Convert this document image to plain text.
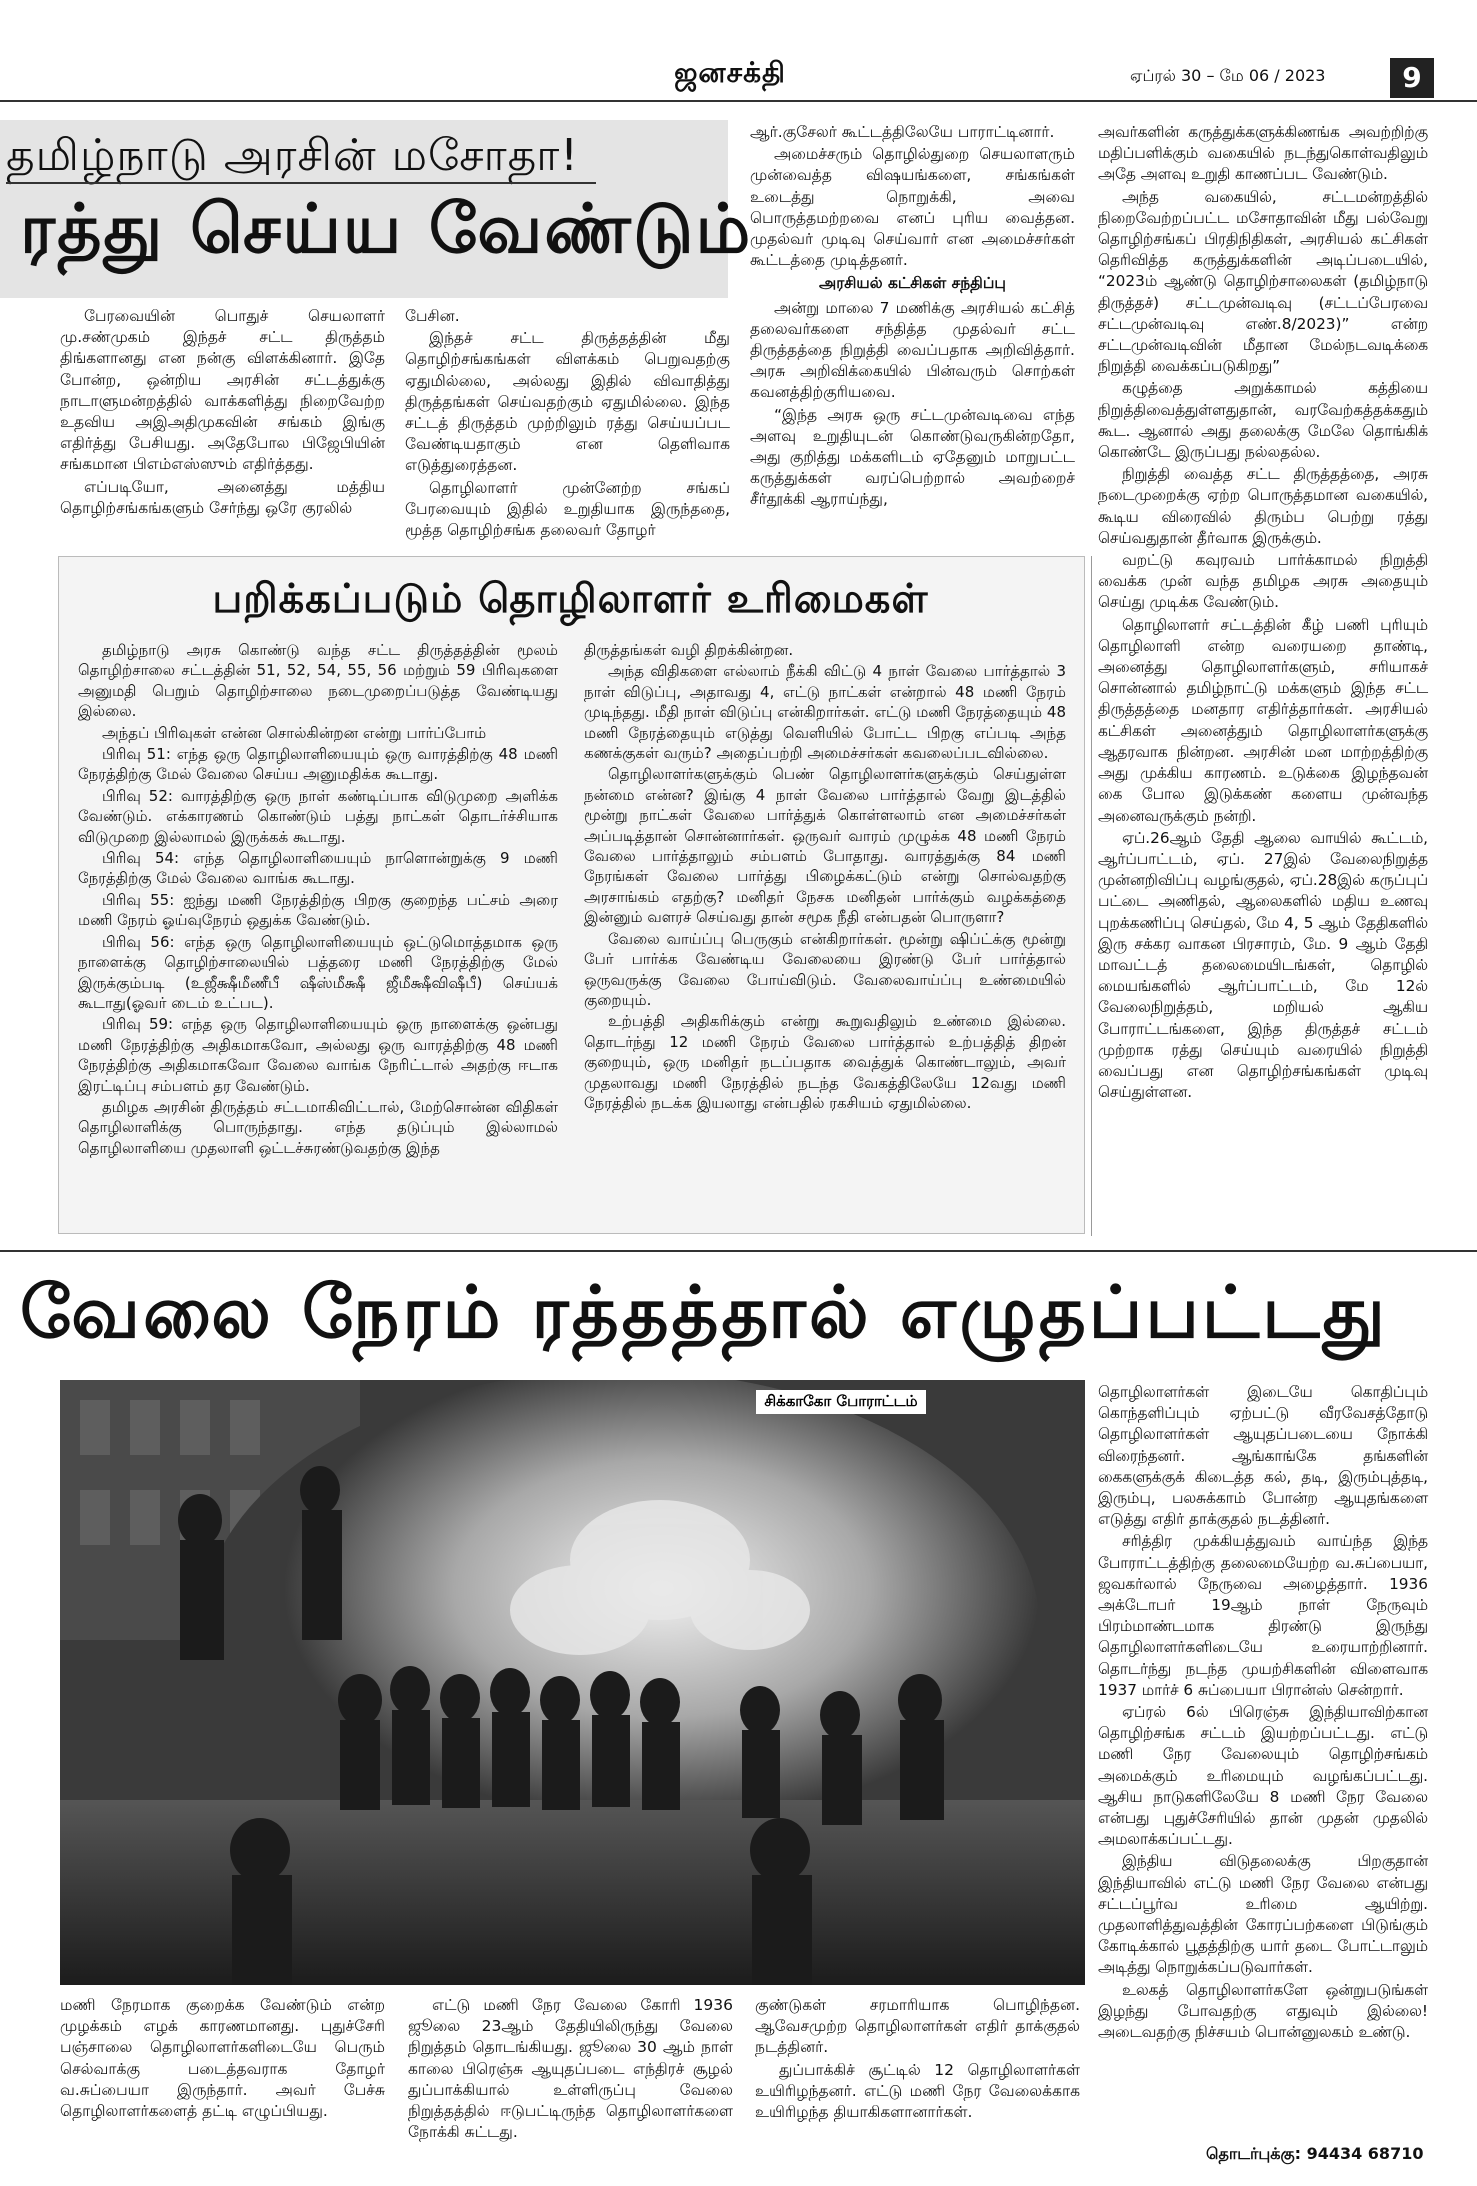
ஜனசக்தி	ஏப்ரல் 30 – மே 06 / 2023	9
தமிழ்நாடு அரசின் மசோதா!
ரத்து செய்ய வேண்டும்

பேரவையின் பொதுச் செயலாளர் மு.சண்முகம் இந்தச் சட்ட திருத்தம் திங்களானது என நன்கு விளக்கினார். இதே போன்ற, ஒன்றிய அரசின் சட்டத்துக்கு நாடாளுமன்றத்தில் வாக்களித்து நிறைவேற்ற உதவிய அஇஅதிமுகவின் சங்கம் இங்கு எதிர்த்து பேசியது. அதேபோல பிஜேபியின் சங்கமான பிஎம்எஸ்ஸும் எதிர்த்தது.

எப்படியோ, அனைத்து மத்திய தொழிற்சங்கங்களும் சேர்ந்து ஒரே குரலில்

பேசின.

இந்தச் சட்ட திருத்தத்தின் மீது தொழிற்சங்கங்கள் விளக்கம் பெறுவதற்கு ஏதுமில்லை, அல்லது இதில் விவாதித்து திருத்தங்கள் செய்வதற்கும் ஏதுமில்லை. இந்த சட்டத் திருத்தம் முற்றிலும் ரத்து செய்யப்பட வேண்டியதாகும் என தெளிவாக எடுத்துரைத்தன.

தொழிலாளர் முன்னேற்ற சங்கப் பேரவையும் இதில் உறுதியாக இருந்ததை, மூத்த தொழிற்சங்க தலைவர் தோழர்

ஆர்.குசேலர் கூட்டத்திலேயே பாராட்டினார்.

அமைச்சரும் தொழில்துறை செயலாளரும் முன்வைத்த விஷயங்களை, சங்கங்கள் உடைத்து நொறுக்கி, அவை பொருத்தமற்றவை எனப் புரிய வைத்தன. முதல்வர் முடிவு செய்வார் என அமைச்சர்கள் கூட்டத்தை முடித்தனர்.

அரசியல் கட்சிகள் சந்திப்பு

அன்று மாலை 7 மணிக்கு அரசியல் கட்சித் தலைவர்களை சந்தித்த முதல்வர் சட்ட திருத்தத்தை நிறுத்தி வைப்பதாக அறிவித்தார். அரசு அறிவிக்கையில் பின்வரும் சொற்கள் கவனத்திற்குரியவை.

“இந்த அரசு ஒரு சட்டமுன்வடிவை எந்த அளவு உறுதியுடன் கொண்டுவருகின்றதோ, அது குறித்து மக்களிடம் ஏதேனும் மாறுபட்ட கருத்துக்கள் வரப்பெற்றால் அவற்றைச் சீர்தூக்கி ஆராய்ந்து,

அவர்களின் கருத்துக்களுக்கிணங்க அவற்றிற்கு மதிப்பளிக்கும் வகையில் நடந்துகொள்வதிலும் அதே அளவு உறுதி காணப்பட வேண்டும்.

அந்த வகையில், சட்டமன்றத்தில் நிறைவேற்றப்பட்ட மசோதாவின் மீது பல்வேறு தொழிற்சங்கப் பிரதிநிதிகள், அரசியல் கட்சிகள் தெரிவித்த கருத்துக்களின் அடிப்படையில், “2023ம் ஆண்டு தொழிற்சாலைகள் (தமிழ்நாடு திருத்தச்) சட்டமுன்வடிவு (சட்டப்பேரவை சட்டமுன்வடிவு எண்.8/2023)” என்ற சட்டமுன்வடிவின் மீதான மேல்நடவடிக்கை நிறுத்தி வைக்கப்படுகிறது”

கழுத்தை அறுக்காமல் கத்தியை நிறுத்திவைத்துள்ளதுதான், வரவேற்கத்தக்கதும் கூட. ஆனால் அது தலைக்கு மேலே தொங்கிக் கொண்டே இருப்பது நல்லதல்ல.

நிறுத்தி வைத்த சட்ட திருத்தத்தை, அரசு நடைமுறைக்கு ஏற்ற பொருத்தமான வகையில், கூடிய விரைவில் திரும்ப பெற்று ரத்து செய்வதுதான் தீர்வாக இருக்கும்.

வறட்டு கவுரவம் பார்க்காமல் நிறுத்தி வைக்க முன் வந்த தமிழக அரசு அதையும் செய்து முடிக்க வேண்டும்.

தொழிலாளர் சட்டத்தின் கீழ் பணி புரியும் தொழிலாளி என்ற வரையறை தாண்டி, அனைத்து தொழிலாளர்களும், சரியாகச் சொன்னால் தமிழ்நாட்டு மக்களும் இந்த சட்ட திருத்தத்தை மனதார எதிர்த்தார்கள். அரசியல் கட்சிகள் அனைத்தும் தொழிலாளர்களுக்கு ஆதரவாக நின்றன. அரசின் மன மாற்றத்திற்கு அது முக்கிய காரணம். உடுக்கை இழந்தவன் கை போல இடுக்கண் களைய முன்வந்த அனைவருக்கும் நன்றி.

ஏப்.26ஆம் தேதி ஆலை வாயில் கூட்டம், ஆர்ப்பாட்டம், ஏப். 27இல் வேலைநிறுத்த முன்னறிவிப்பு வழங்குதல், ஏப்.28இல் கருப்புப் பட்டை அணிதல், ஆலைகளில் மதிய உணவு புறக்கணிப்பு செய்தல், மே 4, 5 ஆம் தேதிகளில் இரு சக்கர வாகன பிரசாரம், மே. 9 ஆம் தேதி மாவட்டத் தலைமையிடங்கள், தொழில் மையங்களில் ஆர்ப்பாட்டம், மே 12ல் வேலைநிறுத்தம், மறியல் ஆகிய போராட்டங்களை, இந்த திருத்தச் சட்டம் முற்றாக ரத்து செய்யும் வரையில் நிறுத்தி வைப்பது என தொழிற்சங்கங்கள் முடிவு செய்துள்ளன.

பறிக்கப்படும் தொழிலாளர் உரிமைகள்

தமிழ்நாடு அரசு கொண்டு வந்த சட்ட திருத்தத்தின் மூலம் தொழிற்சாலை சட்டத்தின் 51, 52, 54, 55, 56 மற்றும் 59 பிரிவுகளை அனுமதி பெறும் தொழிற்சாலை நடைமுறைப்படுத்த வேண்டியது இல்லை.

அந்தப் பிரிவுகள் என்ன சொல்கின்றன என்று பார்ப்போம்

பிரிவு 51: எந்த ஒரு தொழிலாளியையும் ஒரு வாரத்திற்கு 48 மணி நேரத்திற்கு மேல் வேலை செய்ய அனுமதிக்க கூடாது.

பிரிவு 52: வாரத்திற்கு ஒரு நாள் கண்டிப்பாக விடுமுறை அளிக்க வேண்டும். எக்காரணம் கொண்டும் பத்து நாட்கள் தொடர்ச்சியாக விடுமுறை இல்லாமல் இருக்கக் கூடாது.

பிரிவு 54: எந்த தொழிலாளியையும் நாளொன்றுக்கு 9 மணி நேரத்திற்கு மேல் வேலை வாங்க கூடாது.

பிரிவு 55: ஐந்து மணி நேரத்திற்கு பிறகு குறைந்த பட்சம் அரை மணி நேரம் ஓய்வுநேரம் ஒதுக்க வேண்டும்.

பிரிவு 56: எந்த ஒரு தொழிலாளியையும் ஒட்டுமொத்தமாக ஒரு நாளைக்கு தொழிற்சாலையில் பத்தரை மணி நேரத்திற்கு மேல் இருக்கும்படி (உஜீக்ஷீமீணீபீ ஷீஸ்மீக்ஷீ ஜீமீக்ஷீவிஷீபீ) செய்யக் கூடாது(ஓவர் டைம் உட்பட).

பிரிவு 59: எந்த ஒரு தொழிலாளியையும் ஒரு நாளைக்கு ஒன்பது மணி நேரத்திற்கு அதிகமாகவோ, அல்லது ஒரு வாரத்திற்கு 48 மணி நேரத்திற்கு அதிகமாகவோ வேலை வாங்க நேரிட்டால் அதற்கு ஈடாக இரட்டிப்பு சம்பளம் தர வேண்டும்.

தமிழக அரசின் திருத்தம் சட்டமாகிவிட்டால், மேற்சொன்ன விதிகள் தொழிலாளிக்கு பொருந்தாது. எந்த தடுப்பும் இல்லாமல் தொழிலாளியை முதலாளி ஒட்டச்சுரண்டுவதற்கு இந்த

திருத்தங்கள் வழி திறக்கின்றன.

அந்த விதிகளை எல்லாம் நீக்கி விட்டு 4 நாள் வேலை பார்த்தால் 3 நாள் விடுப்பு, அதாவது 4, எட்டு நாட்கள் என்றால் 48 மணி நேரம் முடிந்தது. மீதி நாள் விடுப்பு என்கிறார்கள். எட்டு மணி நேரத்தையும் 48 மணி நேரத்தையும் எடுத்து வெளியில் போட்ட பிறகு எப்படி அந்த கணக்குகள் வரும்? அதைப்பற்றி அமைச்சர்கள் கவலைப்படவில்லை.

தொழிலாளர்களுக்கும் பெண் தொழிலாளர்களுக்கும் செய்துள்ள நன்மை என்ன? இங்கு 4 நாள் வேலை பார்த்தால் வேறு இடத்தில் மூன்று நாட்கள் வேலை பார்த்துக் கொள்ளலாம் என அமைச்சர்கள் அப்படித்தான் சொன்னார்கள். ஒருவர் வாரம் முழுக்க 48 மணி நேரம் வேலை பார்த்தாலும் சம்பளம் போதாது. வாரத்துக்கு 84 மணி நேரங்கள் வேலை பார்த்து பிழைக்கட்டும் என்று சொல்வதற்கு அரசாங்கம் எதற்கு? மனிதர் நேசக மனிதன் பார்க்கும் வழக்கத்தை இன்னும் வளரச் செய்வது தான் சமூக நீதி என்பதன் பொருளா?

வேலை வாய்ப்பு பெருகும் என்கிறார்கள். மூன்று ஷிப்ட்க்கு மூன்று பேர் பார்க்க வேண்டிய வேலையை இரண்டு பேர் பார்த்தால் ஒருவருக்கு வேலை போய்விடும். வேலைவாய்ப்பு உண்மையில் குறையும்.

உற்பத்தி அதிகரிக்கும் என்று கூறுவதிலும் உண்மை இல்லை. தொடர்ந்து 12 மணி நேரம் வேலை பார்த்தால் உற்பத்தித் திறன் குறையும், ஒரு மனிதர் நடப்பதாக வைத்துக் கொண்டாலும், அவர் முதலாவது மணி நேரத்தில் நடந்த வேகத்திலேயே 12வது மணி நேரத்தில் நடக்க இயலாது என்பதில் ரகசியம் ஏதுமில்லை.

வேலை நேரம் ரத்தத்தால் எழுதப்பட்டது
சிக்காகோ போராட்டம்	தொழிலாளர்கள் இடையே கொதிப்பும் கொந்தளிப்பும் ஏற்பட்டு வீரவேசத்தோடு தொழிலாளர்கள் ஆயுதப்படையை நோக்கி விரைந்தனர். ஆங்காங்கே தங்களின் கைகளுக்குக் கிடைத்த கல், தடி, இரும்புத்தடி, இரும்பு, பலசுக்காம் போன்ற ஆயுதங்களை எடுத்து எதிர் தாக்குதல் நடத்தினர்.

சரித்திர முக்கியத்துவம் வாய்ந்த இந்த போராட்டத்திற்கு தலைமையேற்ற வ.சுப்பையா, ஜவகர்லால் நேருவை அழைத்தார். 1936 அக்டோபர் 19ஆம் நாள் நேருவும் பிரம்மாண்டமாக திரண்டு இருந்து தொழிலாளர்களிடையே உரையாற்றினார். தொடர்ந்து நடந்த முயற்சிகளின் விளைவாக 1937 மார்ச் 6 சுப்பையா பிரான்ஸ் சென்றார்.

ஏப்ரல் 6ல் பிரெஞ்சு இந்தியாவிற்கான தொழிற்சங்க சட்டம் இயற்றப்பட்டது. எட்டு மணி நேர வேலையும் தொழிற்சங்கம் அமைக்கும் உரிமையும் வழங்கப்பட்டது. ஆசிய நாடுகளிலேயே 8 மணி நேர வேலை என்பது புதுச்சேரியில் தான் முதன் முதலில் அமலாக்கப்பட்டது.

இந்திய விடுதலைக்கு பிறகுதான் இந்தியாவில் எட்டு மணி நேர வேலை என்பது சட்டப்பூர்வ உரிமை ஆயிற்று. முதலாளித்துவத்தின் கோரப்பற்களை பிடுங்கும் கோடிக்கால் பூதத்திற்கு யார் தடை போட்டாலும் அடித்து நொறுக்கப்படுவார்கள்.

உலகத் தொழிலாளர்களே ஒன்றுபடுங்கள் இழந்து போவதற்கு எதுவும் இல்லை! அடைவதற்கு நிச்சயம் பொன்னுலகம் உண்டு.

தொடர்புக்கு: 94434 68710

மணி நேரமாக குறைக்க வேண்டும் என்ற முழக்கம் எழக் காரணமானது. புதுச்சேரி பஞ்சாலை தொழிலாளர்களிடையே பெரும் செல்வாக்கு படைத்தவராக தோழர் வ.சுப்பையா இருந்தார். அவர் பேச்சு தொழிலாளர்களைத் தட்டி எழுப்பியது.

எட்டு மணி நேர வேலை கோரி 1936 ஜூலை 23ஆம் தேதியிலிருந்து வேலை நிறுத்தம் தொடங்கியது. ஜூலை 30 ஆம் நாள் காலை பிரெஞ்சு ஆயுதப்படை எந்திரச் சூழல் துப்பாக்கியால் உள்ளிருப்பு வேலை நிறுத்தத்தில் ஈடுபட்டிருந்த தொழிலாளர்களை நோக்கி சுட்டது.

குண்டுகள் சரமாரியாக பொழிந்தன. ஆவேசமுற்ற தொழிலாளர்கள் எதிர் தாக்குதல் நடத்தினர்.

துப்பாக்கிச் சூட்டில் 12 தொழிலாளர்கள் உயிரிழந்தனர். எட்டு மணி நேர வேலைக்காக உயிரிழந்த தியாகிகளானார்கள்.
